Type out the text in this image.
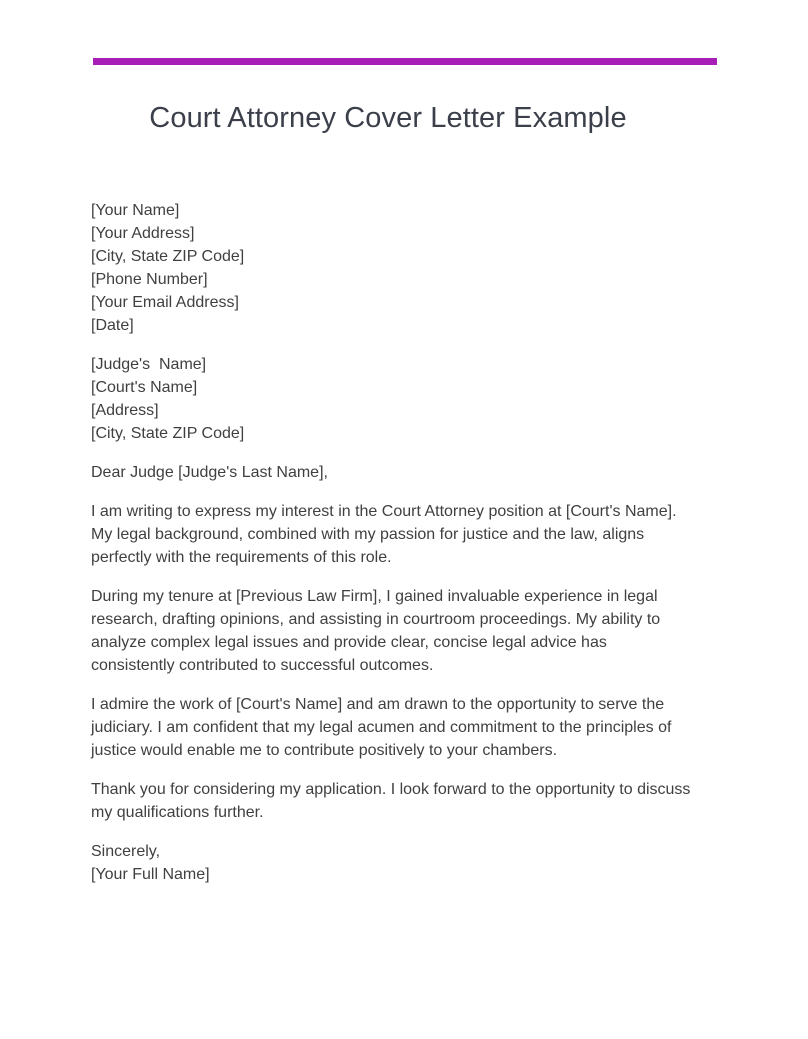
Court Attorney Cover Letter Example
[Your Name]
[Your Address]
[City, State ZIP Code]
[Phone Number]
[Your Email Address]
[Date]
[Judge's  Name]
[Court's Name]
[Address]
[City, State ZIP Code]

Dear Judge [Judge's Last Name],

I am writing to express my interest in the Court Attorney position at [Court's Name]. My legal background, combined with my passion for justice and the law, aligns perfectly with the requirements of this role.

During my tenure at [Previous Law Firm], I gained invaluable experience in legal research, drafting opinions, and assisting in courtroom proceedings. My ability to analyze complex legal issues and provide clear, concise legal advice has consistently contributed to successful outcomes.

I admire the work of [Court's Name] and am drawn to the opportunity to serve the judiciary. I am confident that my legal acumen and commitment to the principles of justice would enable me to contribute positively to your chambers.

Thank you for considering my application. I look forward to the opportunity to discuss my qualifications further.

Sincerely,
[Your Full Name]
